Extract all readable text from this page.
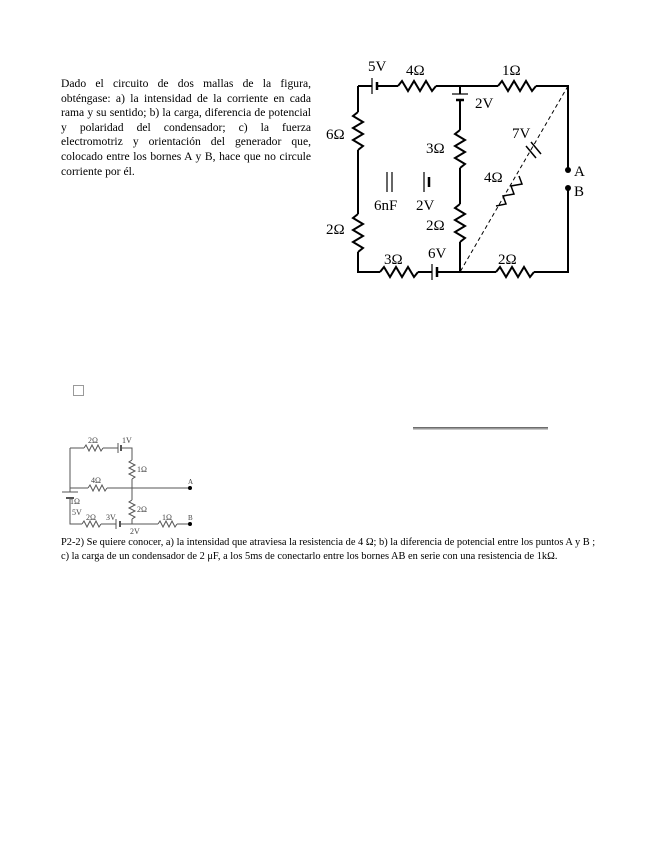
Dado el circuito de dos mallas de la figura, obténgase: a) la intensidad de la corriente en cada rama y su sentido; b) la carga, diferencia de potencial y polaridad del condensador; c) la fuerza electromotriz y orientación del generador que, colocado entre los bornes A y B, hace que no circule corriente por él.
5V 4Ω	1Ω
2V
6Ω
3Ω
7V
4Ω
6nF 2V
2Ω	2Ω
6V
3Ω	2Ω
A
B
2Ω	1V
1Ω
4Ω	A
1Ω
5V	2Ω
2Ω 3V	1Ω B
2V
P2-2) Se quiere conocer, a) la intensidad que atraviesa la resistencia de 4 Ω; b) la diferencia de potencial entre los puntos A y B ; c) la carga de un condensador de 2 μF, a los 5ms de conectarlo entre los bornes AB en serie con una resistencia de 1kΩ.
